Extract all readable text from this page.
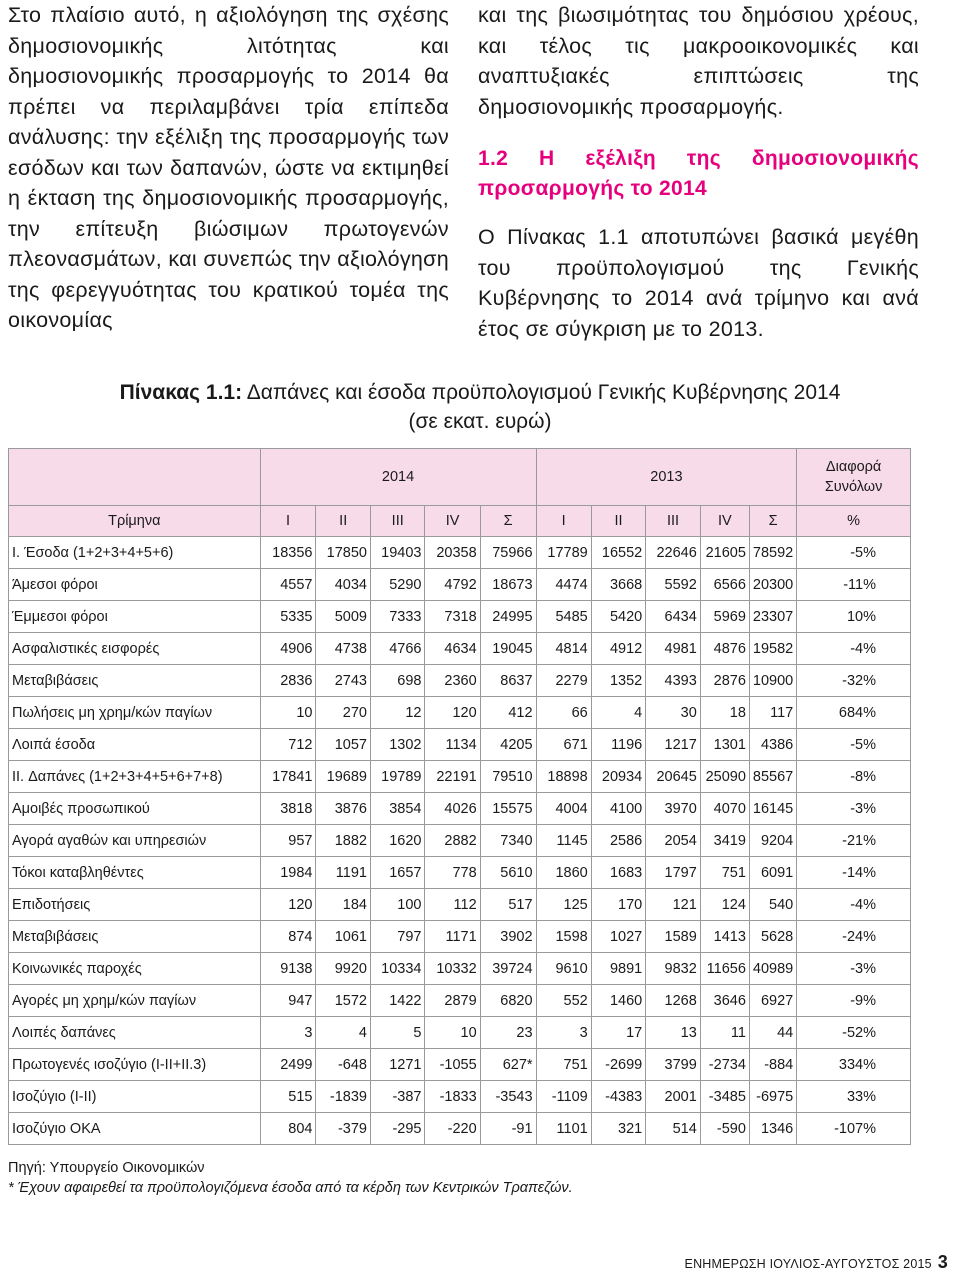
Στο πλαίσιο αυτό, η αξιολόγηση της σχέσης δημοσιονομικής λιτότητας και δημοσιονομικής προσαρμογής το 2014 θα πρέπει να περιλαμβάνει τρία επίπεδα ανάλυσης: την εξέλιξη της προσαρμογής των εσόδων και των δαπανών, ώστε να εκτιμηθεί η έκταση της δημοσιονομικής προσαρμογής, την επίτευξη βιώσιμων πρωτογενών πλεονασμάτων, και συνεπώς την αξιολόγηση της φερεγγυότητας του κρατικού τομέα της οικονομίας

και της βιωσιμότητας του δημόσιου χρέους, και τέλος τις μακροοικονομικές και αναπτυξιακές επιπτώσεις της δημοσιονομικής προσαρμογής.

1.2 Η εξέλιξη της δημοσιονομικής προσαρμογής το 2014

Ο Πίνακας 1.1 αποτυπώνει βασικά μεγέθη του προϋπολογισμού της Γενικής Κυβέρνησης το 2014 ανά τρίμηνο και ανά έτος σε σύγκριση με το 2013.

Πίνακας 1.1: Δαπάνες και έσοδα προϋπολογισμού Γενικής Κυβέρνησης 2014
(σε εκατ. ευρώ)
	2014					2013					Διαφορά
Συνόλων

Τρίμηνα	I	II	III	IV	Σ	I	II	III	IV	Σ	%
I. Έσοδα (1+2+3+4+5+6)	18356	17850	19403	20358	75966	17789	16552	22646	21605	78592	-5%
Άμεσοι φόροι	4557	4034	5290	4792	18673	4474	3668	5592	6566	20300	-11%
Έμμεσοι φόροι	5335	5009	7333	7318	24995	5485	5420	6434	5969	23307	10%
Ασφαλιστικές εισφορές	4906	4738	4766	4634	19045	4814	4912	4981	4876	19582	-4%
Μεταβιβάσεις	2836	2743	698	2360	8637	2279	1352	4393	2876	10900	-32%
Πωλήσεις μη χρημ/κών παγίων	10	270	12	120	412	66	4	30	18	117	684%
Λοιπά έσοδα	712	1057	1302	1134	4205	671	1196	1217	1301	4386	-5%
II. Δαπάνες (1+2+3+4+5+6+7+8)	17841	19689	19789	22191	79510	18898	20934	20645	25090	85567	-8%
Αμοιβές προσωπικού	3818	3876	3854	4026	15575	4004	4100	3970	4070	16145	-3%
Αγορά αγαθών και υπηρεσιών	957	1882	1620	2882	7340	1145	2586	2054	3419	9204	-21%
Τόκοι καταβληθέντες	1984	1191	1657	778	5610	1860	1683	1797	751	6091	-14%
Επιδοτήσεις	120	184	100	112	517	125	170	121	124	540	-4%
Μεταβιβάσεις	874	1061	797	1171	3902	1598	1027	1589	1413	5628	-24%
Κοινωνικές παροχές	9138	9920	10334	10332	39724	9610	9891	9832	11656	40989	-3%
Αγορές μη χρημ/κών παγίων	947	1572	1422	2879	6820	552	1460	1268	3646	6927	-9%
Λοιπές δαπάνες	3	4	5	10	23	3	17	13	11	44	-52%
Πρωτογενές ισοζύγιο (I-II+II.3)	2499	-648	1271	-1055	627*	751	-2699	3799	-2734	-884	334%
Ισοζύγιο (I-II)	515	-1839	-387	-1833	-3543	-1109	-4383	2001	-3485	-6975	33%
Ισοζύγιο ΟΚΑ	804	-379	-295	-220	-91	1101	321	514	-590	1346	-107%
Πηγή: Υπουργείο Οικονομικών
* Έχουν αφαιρεθεί τα προϋπολογιζόμενα έσοδα από τα κέρδη των Κεντρικών Τραπεζών.
ΕΝΗΜΕΡΩΣΗ ΙΟΥΛΙΟΣ-ΑΥΓΟΥΣΤΟΣ 2015 3
